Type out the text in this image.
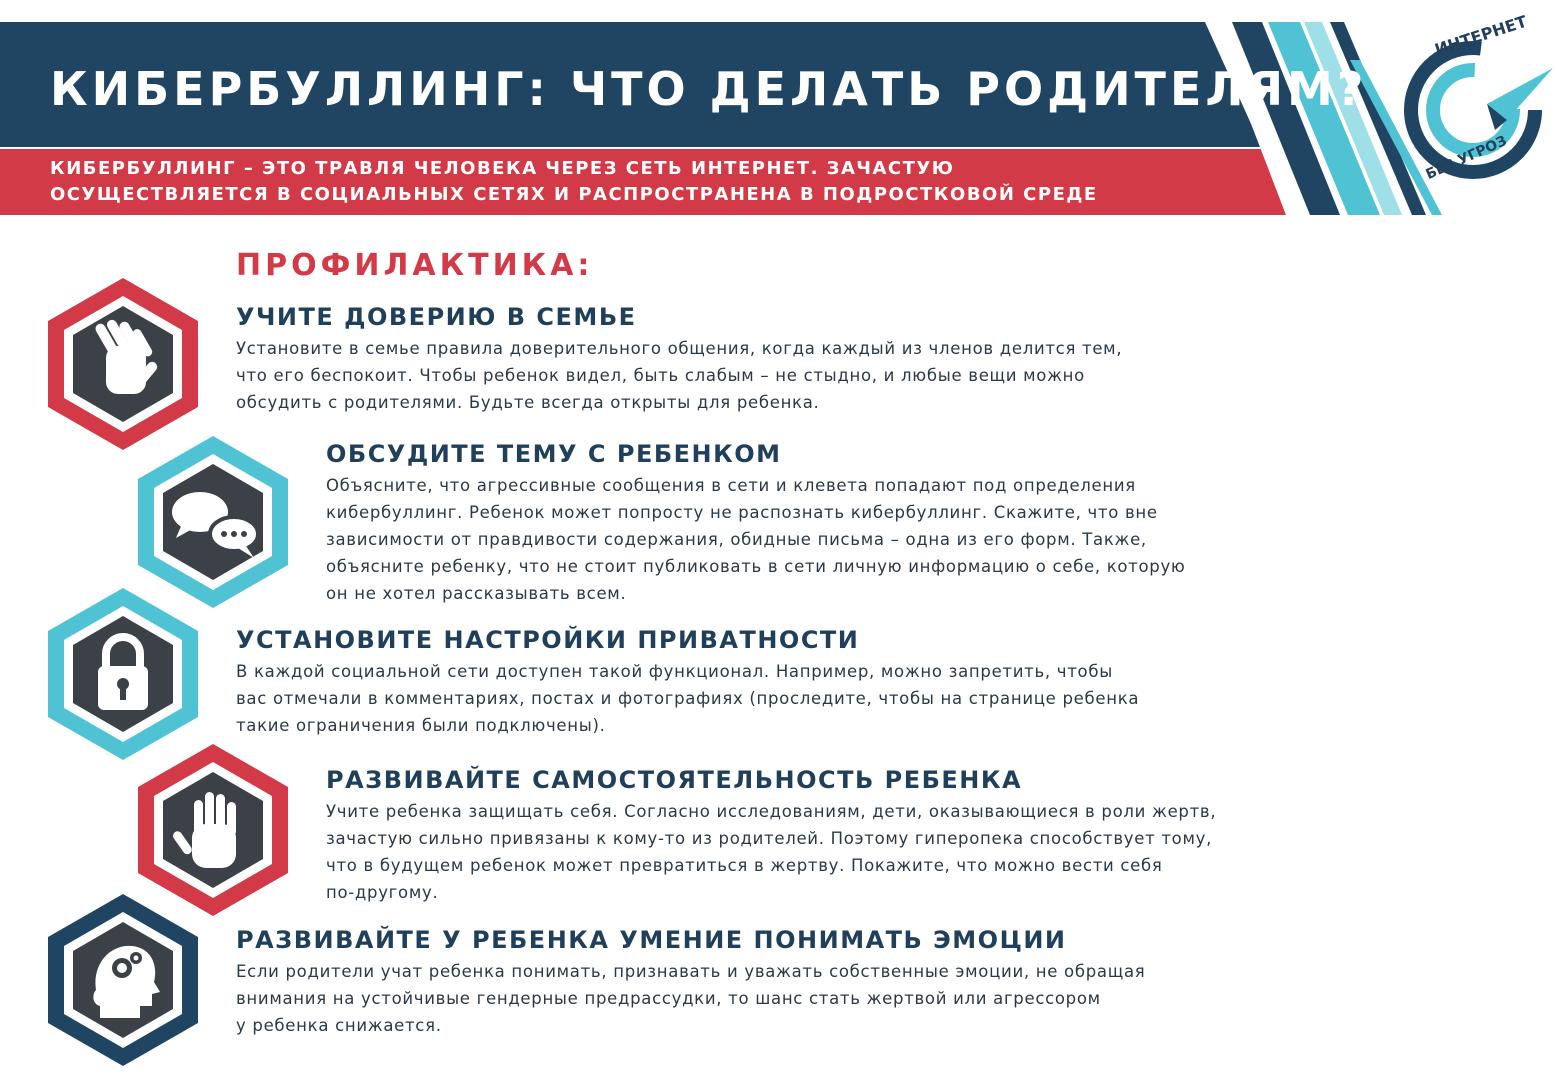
КИБЕРБУЛЛИНГ: ЧТО ДЕЛАТЬ РОДИТЕЛЯМ?

КИБЕРБУЛЛИНГ – ЭТО ТРАВЛЯ ЧЕЛОВЕКА ЧЕРЕЗ СЕТЬ ИНТЕРНЕТ. ЗАЧАСТУЮ
ОСУЩЕСТВЛЯЕТСЯ В СОЦИАЛЬНЫХ СЕТЯХ И РАСПРОСТРАНЕНА В ПОДРОСТКОВОЙ СРЕДЕ

ИНТЕРНЕТ
БЕЗ УГРОЗ
ПРОФИЛАКТИКА:
УЧИТЕ ДОВЕРИЮ В СЕМЬЕ

Установите в семье правила доверительного общения, когда каждый из членов делится тем,
что его беспокоит. Чтобы ребенок видел, быть слабым – не стыдно, и любые вещи можно
обсудить с родителями. Будьте всегда открыты для ребенка.

ОБСУДИТЕ ТЕМУ С РЕБЕНКОМ

Объясните, что агрессивные сообщения в сети и клевета попадают под определения
кибербуллинг. Ребенок может попросту не распознать кибербуллинг. Скажите, что вне
зависимости от правдивости содержания, обидные письма – одна из его форм. Также,
объясните ребенку, что не стоит публиковать в сети личную информацию о себе, которую
он не хотел рассказывать всем.

УСТАНОВИТЕ НАСТРОЙКИ ПРИВАТНОСТИ

В каждой социальной сети доступен такой функционал. Например, можно запретить, чтобы
вас отмечали в комментариях, постах и фотографиях (проследите, чтобы на странице ребенка
такие ограничения были подключены).

РАЗВИВАЙТЕ САМОСТОЯТЕЛЬНОСТЬ РЕБЕНКА

Учите ребенка защищать себя. Согласно исследованиям, дети, оказывающиеся в роли жертв,
зачастую сильно привязаны к кому-то из родителей. Поэтому гиперопека способствует тому,
что в будущем ребенок может превратиться в жертву. Покажите, что можно вести себя
по-другому.

РАЗВИВАЙТЕ У РЕБЕНКА УМЕНИЕ ПОНИМАТЬ ЭМОЦИИ

Если родители учат ребенка понимать, признавать и уважать собственные эмоции, не обращая
внимания на устойчивые гендерные предрассудки, то шанс стать жертвой или агрессором
у ребенка снижается.
